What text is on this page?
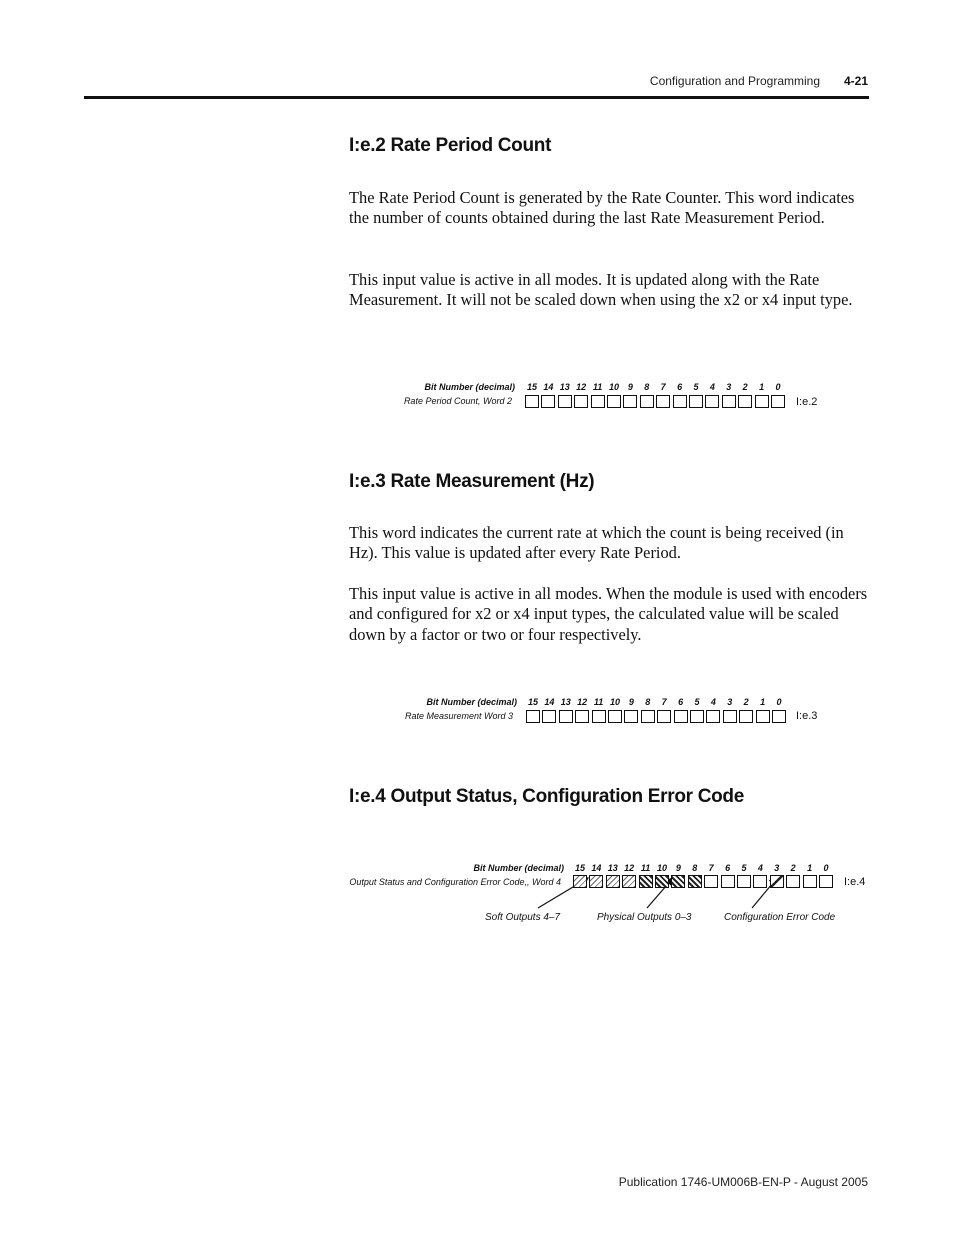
Configuration and Programming 4-21
I:e.2 Rate Period Count

The Rate Period Count is generated by the Rate Counter. This word indicates the number of counts obtained during the last Rate Measurement Period.

This input value is active in all modes. It is updated along with the Rate Measurement. It will not be scaled down when using the x2 or x4 input type.

Bit Number (decimal)
Rate Period Count, Word 2	I:e.2
15 14 13 12 11 10 9	8	7	6	5	4	3	2	1	0
I:e.3 Rate Measurement (Hz)

This word indicates the current rate at which the count is being received (in Hz). This value is updated after every Rate Period.

This input value is active in all modes. When the module is used with encoders and configured for x2 or x4 input types, the calculated value will be scaled down by a factor or two or four respectively.

Bit Number (decimal)
Rate Measurement Word 3	I:e.3
15 14 13 12 11 10 9	8	7	6	5	4	3	2	1	0
I:e.4 Output Status, Configuration Error Code
Bit Number (decimal)
Output Status and Configuration Error Code,, Word 4	I:e.4
Soft Outputs 4–7	Physical Outputs 0–3	Configuration Error Code
15 14 13 12 11 10 9	8	7	6	5	4	3	2	1	0
Publication 1746-UM006B-EN-P - August 2005
